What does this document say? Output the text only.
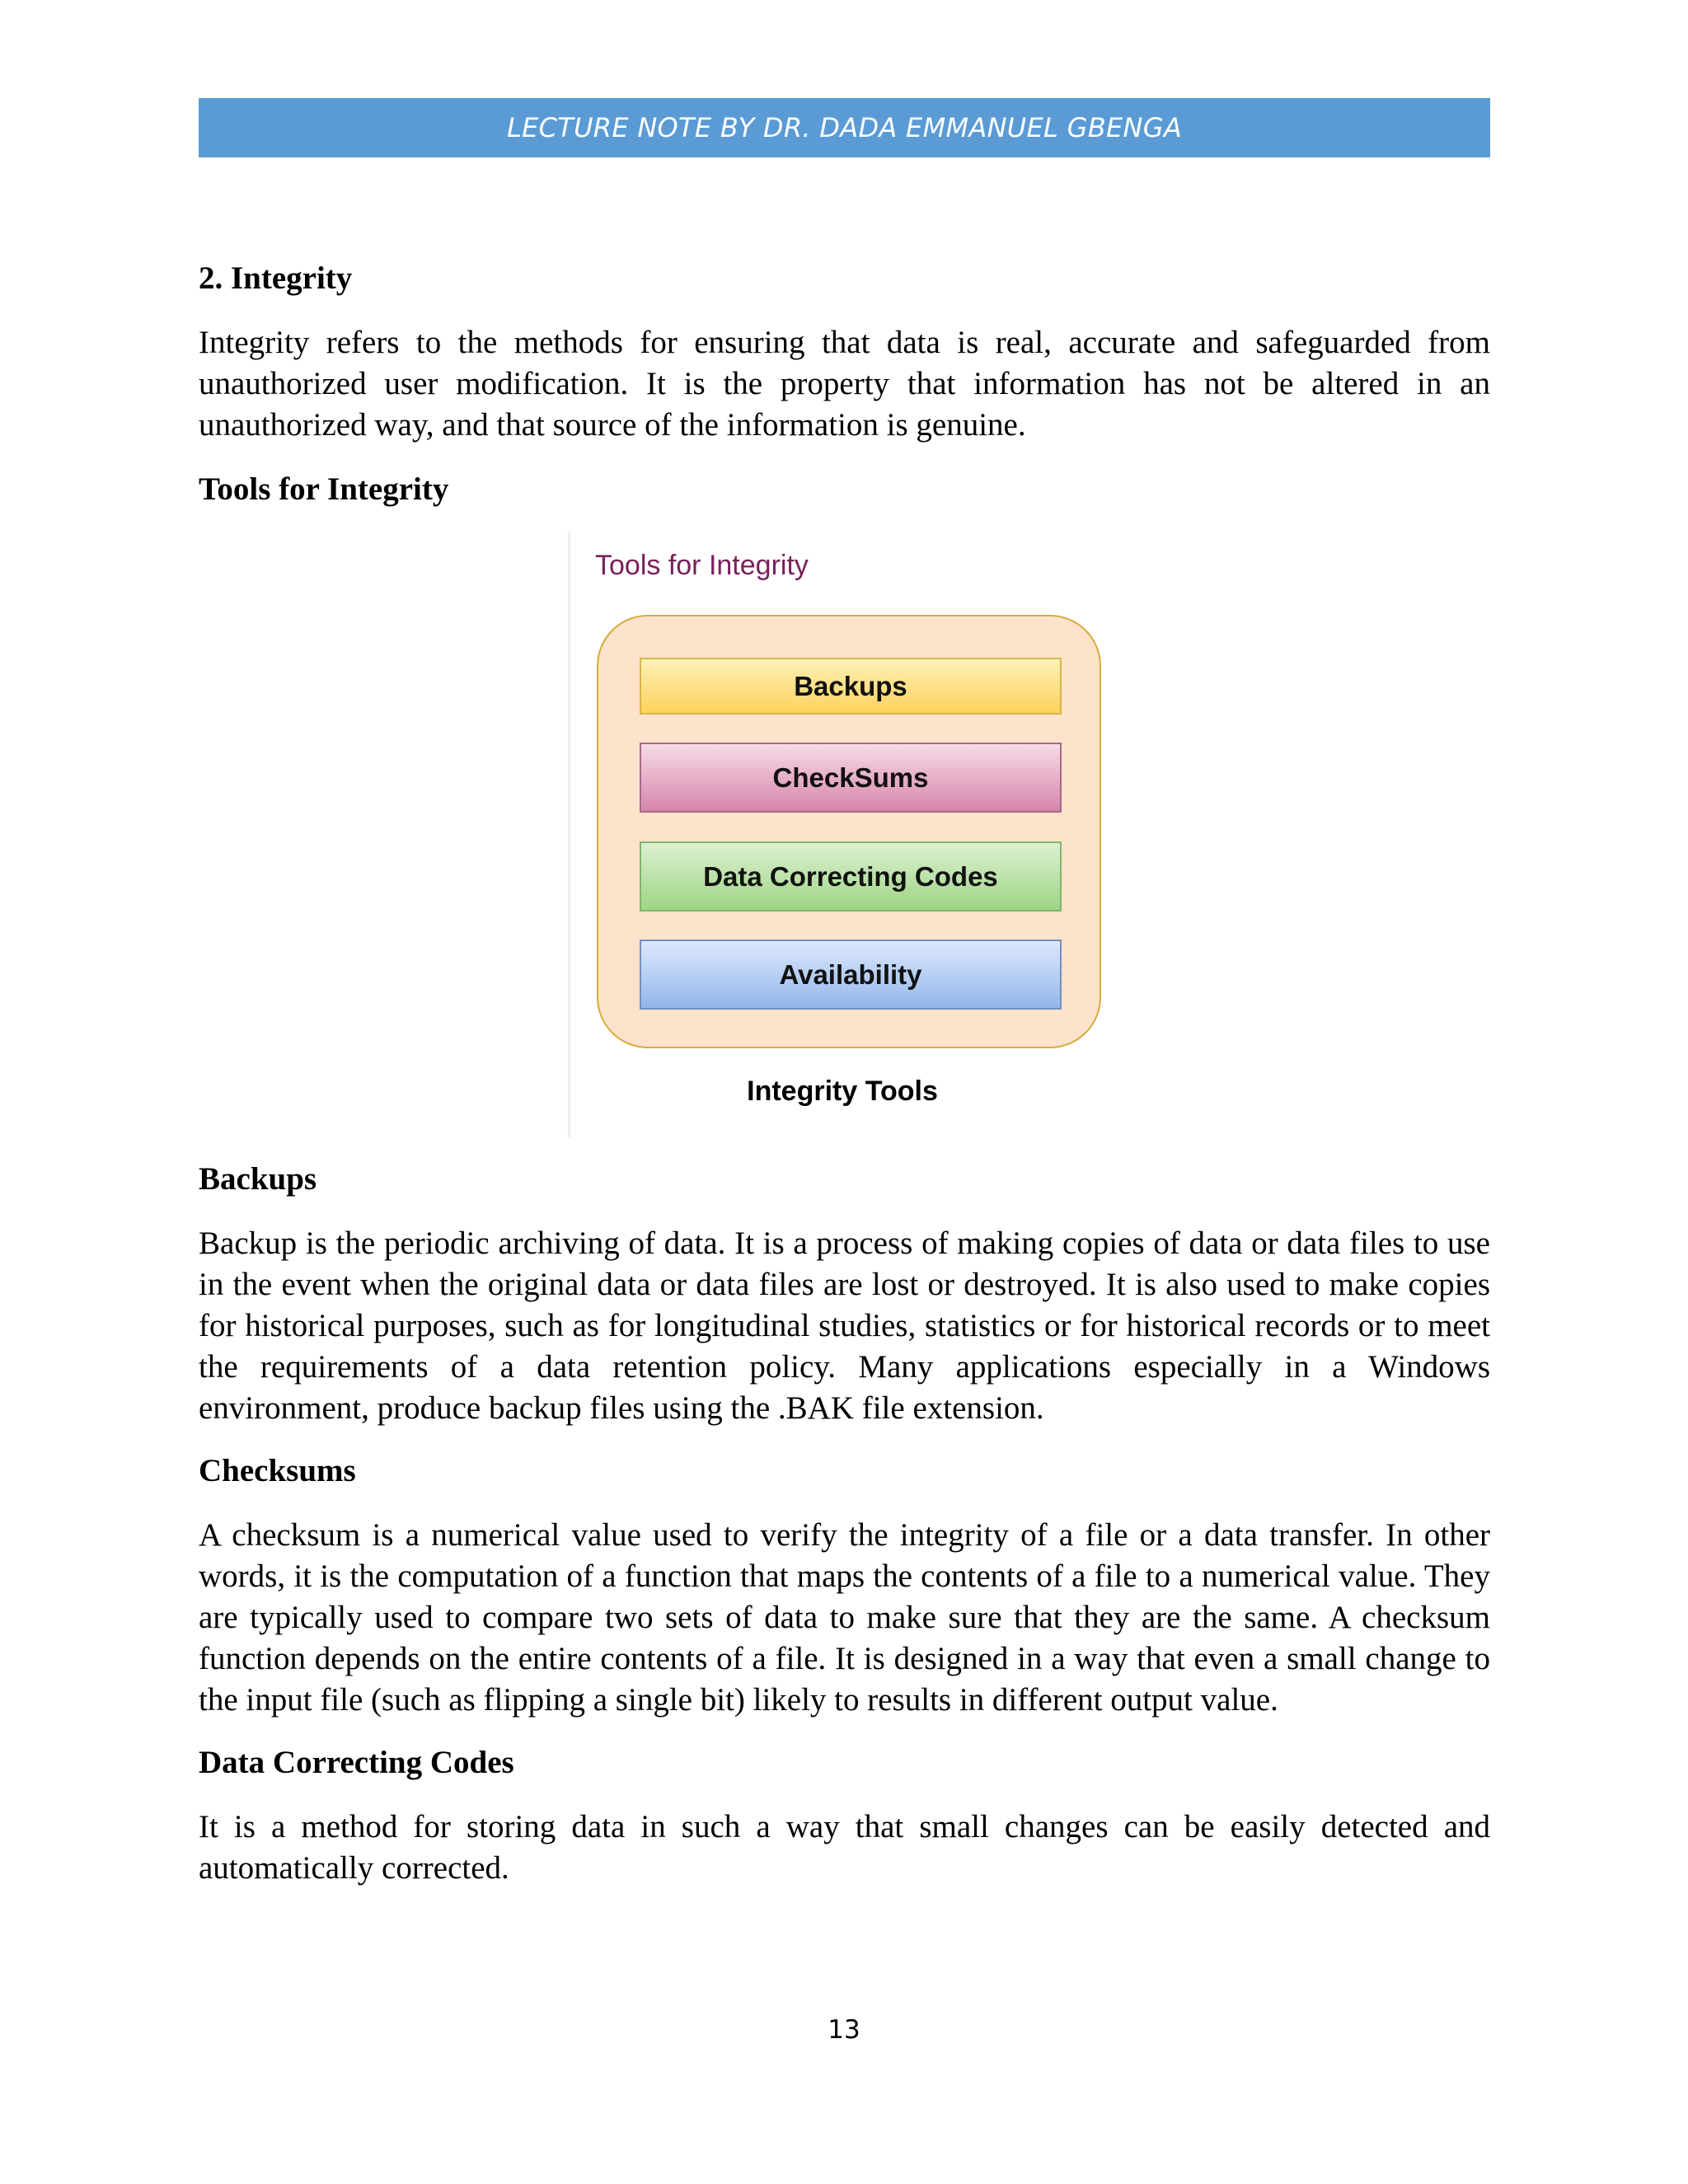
LECTURE NOTE BY DR. DADA EMMANUEL GBENGA
2. Integrity

Integrity refers to the methods for ensuring that data is real, accurate and safeguarded from unauthorized user modification. It is the property that information has not be altered in an unauthorized way, and that source of the information is genuine.

Tools for Integrity
Tools for Integrity
Backups
CheckSums
Data Correcting Codes
Availability
Integrity Tools
Backups

Backup is the periodic archiving of data. It is a process of making copies of data or data files to use in the event when the original data or data files are lost or destroyed. It is also used to make copies for historical purposes, such as for longitudinal studies, statistics or for historical records or to meet the requirements of a data retention policy. Many applications especially in a Windows environment, produce backup files using the .BAK file extension.

Checksums

A checksum is a numerical value used to verify the integrity of a file or a data transfer. In other words, it is the computation of a function that maps the contents of a file to a numerical value. They are typically used to compare two sets of data to make sure that they are the same. A checksum function depends on the entire contents of a file. It is designed in a way that even a small change to the input file (such as flipping a single bit) likely to results in different output value.

Data Correcting Codes

It is a method for storing data in such a way that small changes can be easily detected and automatically corrected.

13
